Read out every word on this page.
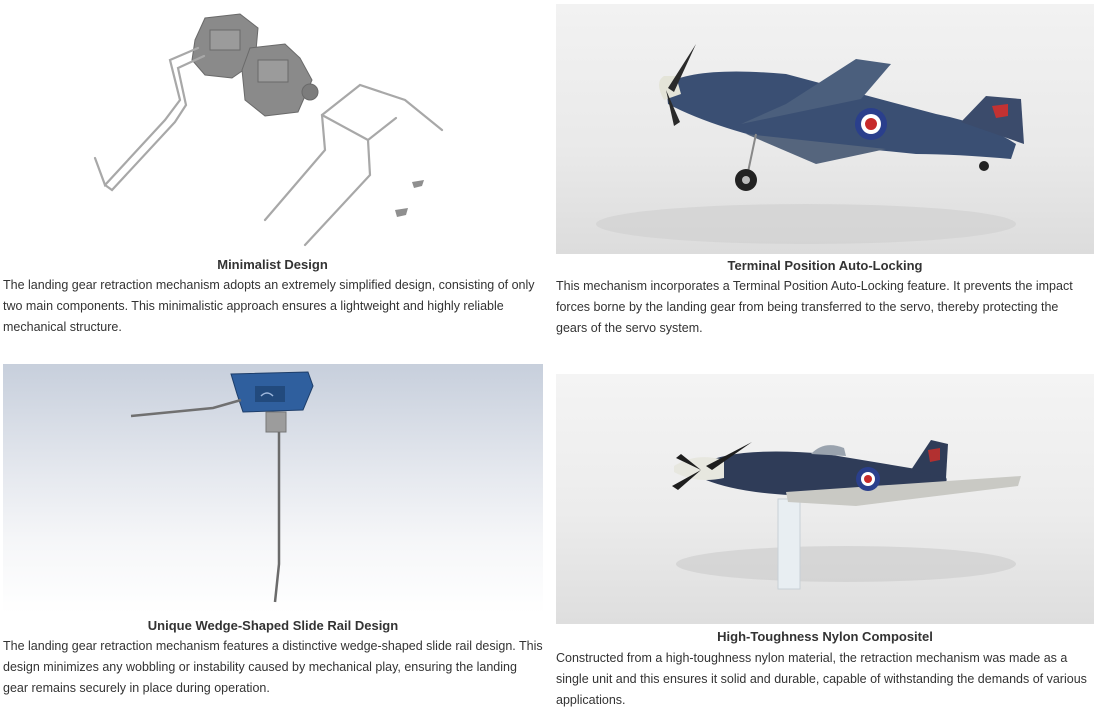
Minimalist Design
The landing gear retraction mechanism adopts an extremely simplified design, consisting of only two main components. This minimalistic approach ensures a lightweight and highly reliable mechanical structure.
Terminal Position Auto-Locking
This mechanism incorporates a Terminal Position Auto-Locking feature. It prevents the impact forces borne by the landing gear from being transferred to the servo, thereby protecting the gears of the servo system.
Unique Wedge-Shaped Slide Rail Design
The landing gear retraction mechanism features a distinctive wedge-shaped slide rail design. This design minimizes any wobbling or instability caused by mechanical play, ensuring the landing gear remains securely in place during operation.
High-Toughness Nylon Compositel
Constructed from a high-toughness nylon material, the retraction mechanism was made as a single unit and this ensures it solid and durable, capable of withstanding the demands of various applications.
